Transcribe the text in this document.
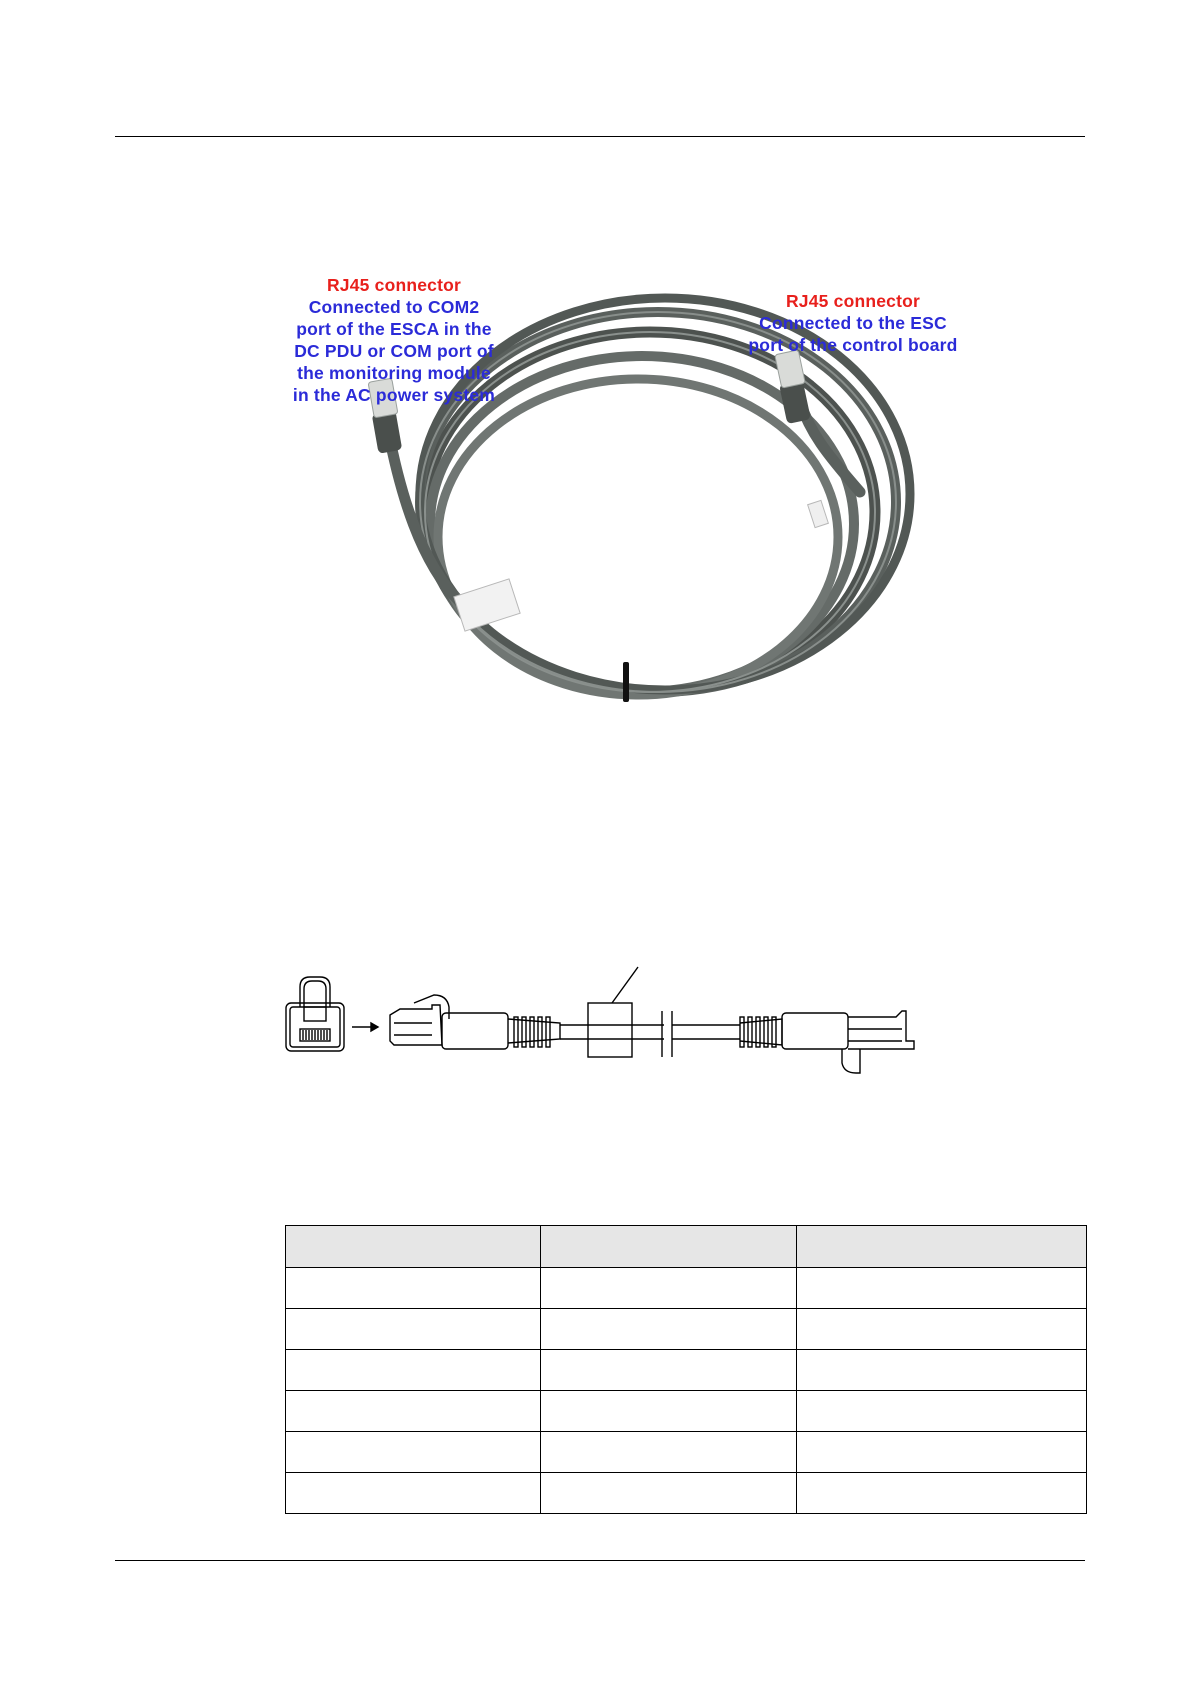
RJ45 connector
Connected to COM2
port of the ESCA in the
DC PDU or COM port of
the monitoring module
in the AC power system
RJ45 connector
Connected to the ESC
port of the control board
